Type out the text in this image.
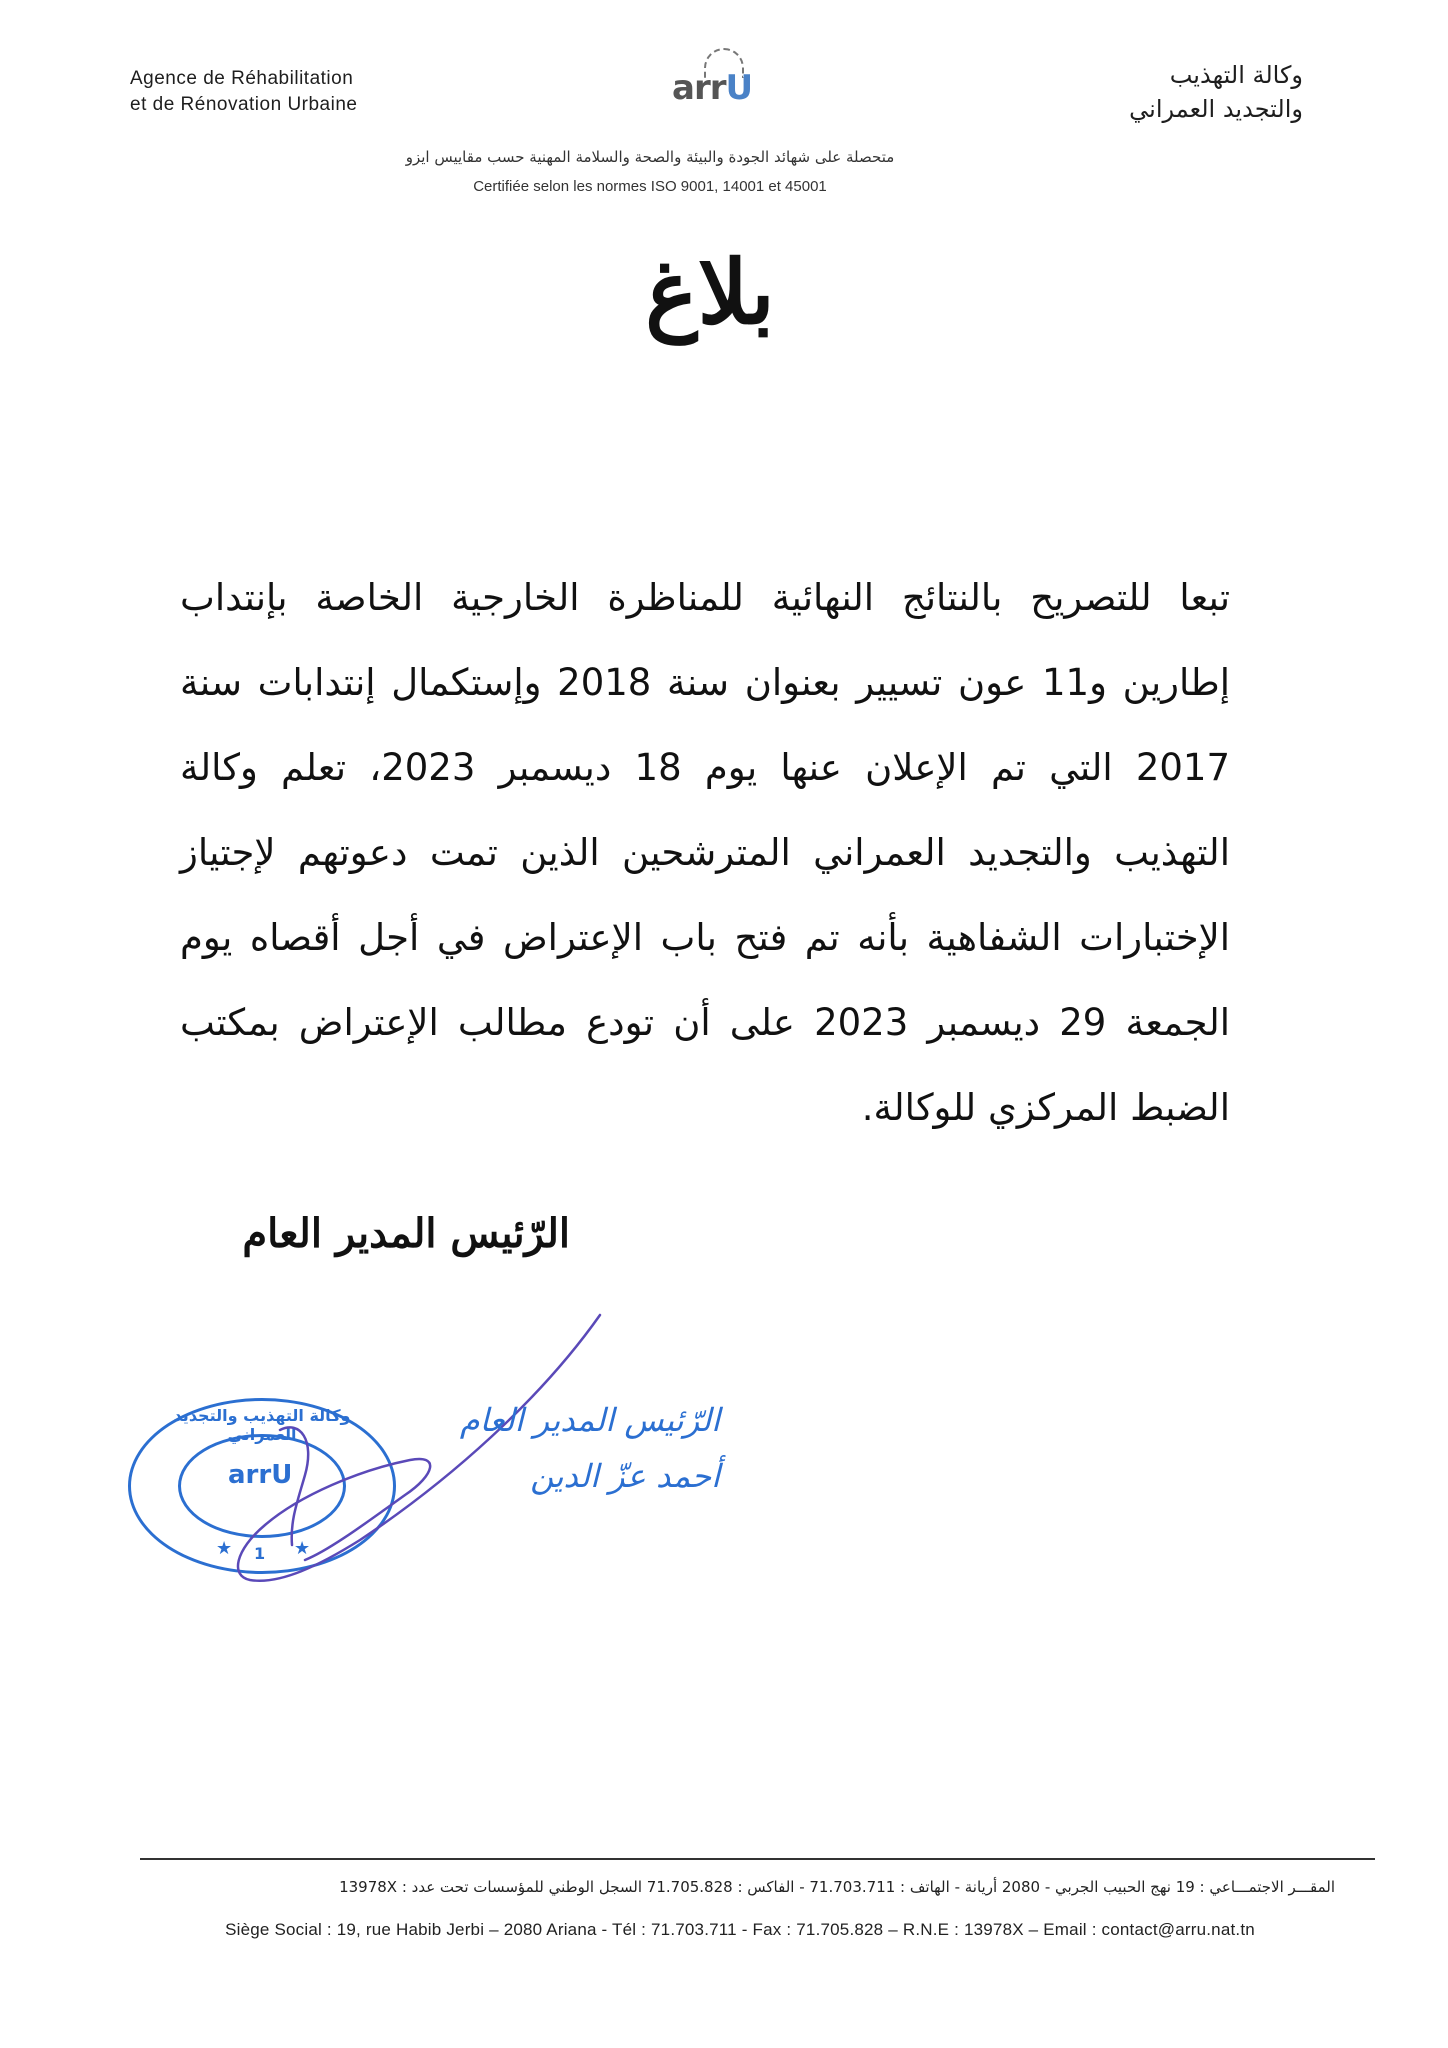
Agence de Réhabilitation
et de Rénovation Urbaine	arrU	وكالة التهذيب
والتجديد العمراني
متحصلة على شهائد الجودة والبيئة والصحة والسلامة المهنية حسب مقاييس ايزو
Certifiée selon les normes ISO 9001, 14001 et 45001
بلاغ
تبعا للتصريح بالنتائج النهائية للمناظرة الخارجية الخاصة بإنتداب إطارين و11 عون تسيير بعنوان سنة 2018 وإستكمال إنتدابات سنة 2017 التي تم الإعلان عنها يوم 18 ديسمبر 2023، تعلم وكالة التهذيب والتجديد العمراني المترشحين الذين تمت دعوتهم لإجتياز الإختبارات الشفاهية بأنه تم فتح باب الإعتراض في أجل أقصاه يوم الجمعة 29 ديسمبر 2023 على أن تودع مطالب الإعتراض بمكتب الضبط المركزي للوكالة.
الرّئيس المدير العام
وكالة التهذيب والتجديد العمراني
arrU
★ 1 ★
الرّئيس المدير العام
أحمد عزّ الدين
المقـــر الاجتمـــاعي : 19 نهج الحبيب الجربي - 2080 أريانة - الهاتف : 71.703.711 - الفاكس : 71.705.828 السجل الوطني للمؤسسات تحت عدد : 13978X
Siège Social : 19, rue Habib Jerbi – 2080 Ariana - Tél : 71.703.711 - Fax : 71.705.828 – R.N.E : 13978X – Email : contact@arru.nat.tn
